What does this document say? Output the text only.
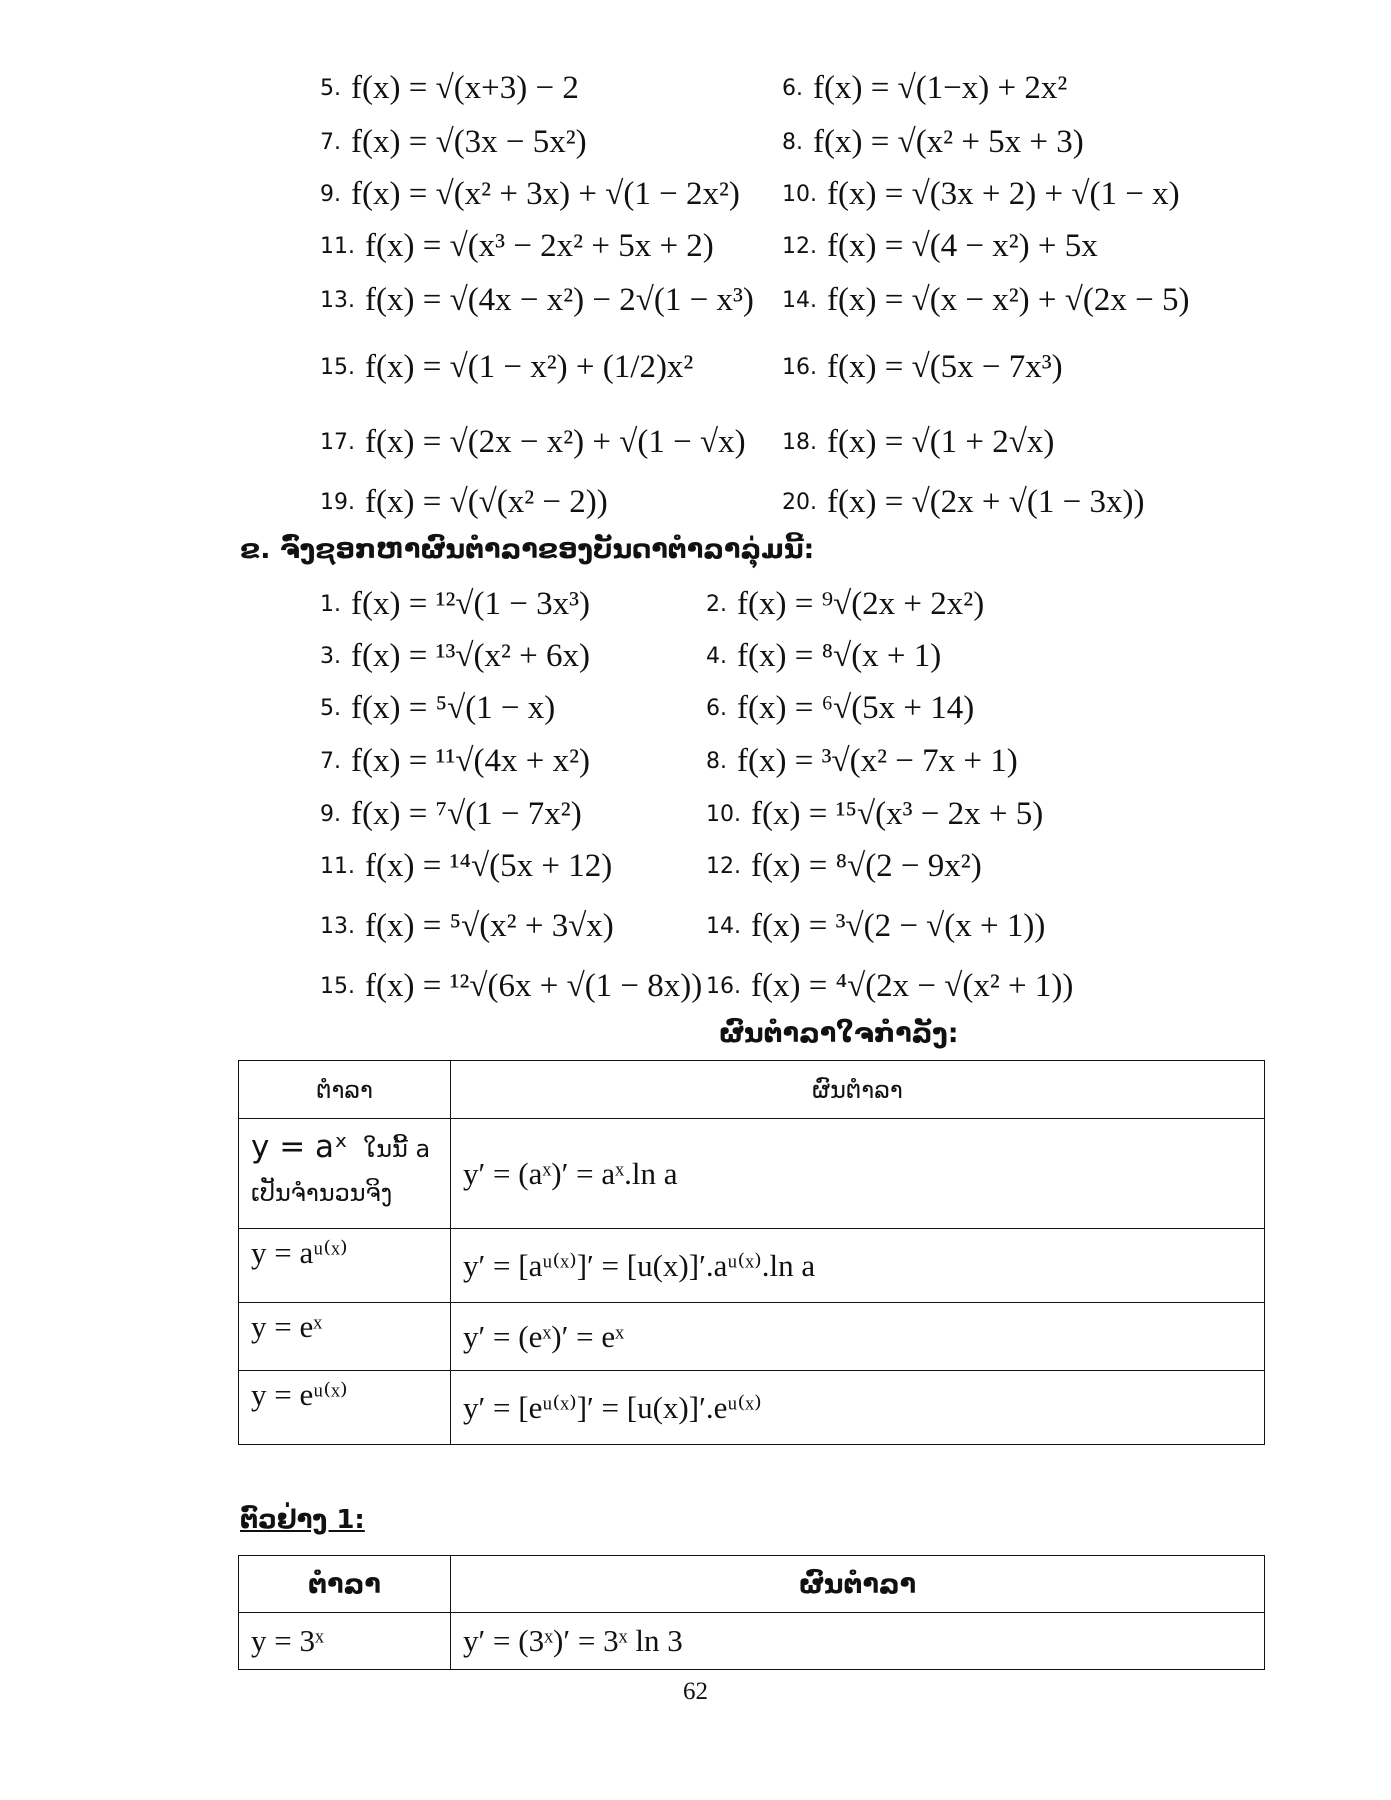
5. f(x) = √(x+3) − 2	6. f(x) = √(1−x) + 2x²
7. f(x) = √(3x − 5x²)	8. f(x) = √(x² + 5x + 3)
9. f(x) = √(x² + 3x) + √(1 − 2x²) 10. f(x) = √(3x + 2) + √(1 − x)
11. f(x) = √(x³ − 2x² + 5x + 2)	12. f(x) = √(4 − x²) + 5x
13. f(x) = √(4x − x²) − 2√(1 − x³) 14. f(x) = √(x − x²) + √(2x − 5)
15. f(x) = √(1 − x²) + (1/2)x²	16. f(x) = √(5x − 7x³)
17. f(x) = √(2x − x²) + √(1 − √x) 18. f(x) = √(1 + 2√x)
19. f(x) = √(√(x² − 2))	20. f(x) = √(2x + √(1 − 3x))
ຂ. ຈົ່ງຊອກຫາຜົນຕຳລາຂອງບັນດາຕຳລາລຸ່ມນີ້:
1. f(x) = ¹²√(1 − 3x³)	2. f(x) = ⁹√(2x + 2x²)
3. f(x) = ¹³√(x² + 6x)	4. f(x) = ⁸√(x + 1)
5. f(x) = ⁵√(1 − x)	6. f(x) = ⁶√(5x + 14)
7. f(x) = ¹¹√(4x + x²)	8. f(x) = ³√(x² − 7x + 1)
9. f(x) = ⁷√(1 − 7x²)	10. f(x) = ¹⁵√(x³ − 2x + 5)
11. f(x) = ¹⁴√(5x + 12)	12. f(x) = ⁸√(2 − 9x²)
13. f(x) = ⁵√(x² + 3√x)	14. f(x) = ³√(2 − √(x + 1))
15. f(x) = ¹²√(6x + √(1 − 8x)) 16. f(x) = ⁴√(2x − √(x² + 1))
ຜົນຕຳລາໃຈກຳລັງ:
ຕຳລາ	ຜົນຕຳລາ

y = aˣ ໃນນີ້ a
ເປັນຈຳນວນຈິງ	y′ = (aˣ)′ = aˣ.ln a
y = aᵘ⁽ˣ⁾	y′ = [aᵘ⁽ˣ⁾]′ = [u(x)]′.aᵘ⁽ˣ⁾.ln a
y = eˣ	y′ = (eˣ)′ = eˣ
y = eᵘ⁽ˣ⁾	y′ = [eᵘ⁽ˣ⁾]′ = [u(x)]′.eᵘ⁽ˣ⁾
ຕົວຢ່າງ 1:
ຕຳລາ	ຜົນຕຳລາ
y = 3ˣ	y′ = (3ˣ)′ = 3ˣ ln 3
62
